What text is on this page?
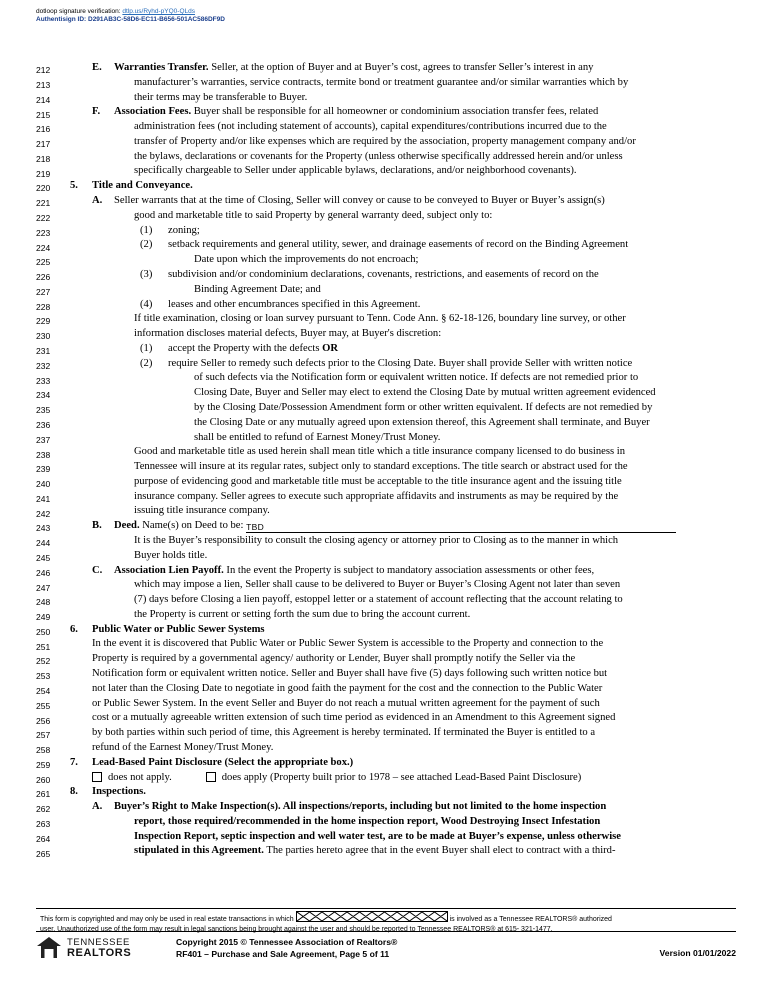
dotloop signature verification: dtlp.us/Ryhd-pYQ0-QLds
Authentisign ID: D291AB3C-58D6-EC11-B656-501AC586DF9D
212	E. Warranties Transfer. Seller, at the option of Buyer and at Buyer’s cost, agrees to transfer Seller’s interest in any
213	manufacturer’s warranties, service contracts, termite bond or treatment guarantee and/or similar warranties which by
214	their terms may be transferable to Buyer.
215	F. Association Fees. Buyer shall be responsible for all homeowner or condominium association transfer fees, related
216	administration fees (not including statement of accounts), capital expenditures/contributions incurred due to the
217	transfer of Property and/or like expenses which are required by the association, property management company and/or
218	the bylaws, declarations or covenants for the Property (unless otherwise specifically addressed herein and/or unless
219	specifically chargeable to Seller under applicable bylaws, declarations, and/or neighborhood covenants).
220	5. Title and Conveyance.
221	A. Seller warrants that at the time of Closing, Seller will convey or cause to be conveyed to Buyer or Buyer’s assign(s)
222	good and marketable title to said Property by general warranty deed, subject only to:
223	(1) zoning;
224	(2) setback requirements and general utility, sewer, and drainage easements of record on the Binding Agreement
225	Date upon which the improvements do not encroach;
226	(3) subdivision and/or condominium declarations, covenants, restrictions, and easements of record on the
227	Binding Agreement Date; and
228	(4) leases and other encumbrances specified in this Agreement.
229	If title examination, closing or loan survey pursuant to Tenn. Code Ann. § 62-18-126, boundary line survey, or other
230	information discloses material defects, Buyer may, at Buyer's discretion:
231	(1) accept the Property with the defects OR
232	(2) require Seller to remedy such defects prior to the Closing Date. Buyer shall provide Seller with written notice
233	of such defects via the Notification form or equivalent written notice. If defects are not remedied prior to
234	Closing Date, Buyer and Seller may elect to extend the Closing Date by mutual written agreement evidenced
235	by the Closing Date/Possession Amendment form or other written equivalent. If defects are not remedied by
236	the Closing Date or any mutually agreed upon extension thereof, this Agreement shall terminate, and Buyer
237	shall be entitled to refund of Earnest Money/Trust Money.
238	Good and marketable title as used herein shall mean title which a title insurance company licensed to do business in
239	Tennessee will insure at its regular rates, subject only to standard exceptions. The title search or abstract used for the
240	purpose of evidencing good and marketable title must be acceptable to the title insurance agent and the issuing title
241	insurance company. Seller agrees to execute such appropriate affidavits and instruments as may be required by the
242	issuing title insurance company.
243	B. Deed. Name(s) on Deed to be: TBD
244	It is the Buyer’s responsibility to consult the closing agency or attorney prior to Closing as to the manner in which
245	Buyer holds title.
246	C. Association Lien Payoff. In the event the Property is subject to mandatory association assessments or other fees,
247	which may impose a lien, Seller shall cause to be delivered to Buyer or Buyer’s Closing Agent not later than seven
248	(7) days before Closing a lien payoff, estoppel letter or a statement of account reflecting that the account relating to
249	the Property is current or setting forth the sum due to bring the account current.
250	6. Public Water or Public Sewer Systems
251	In the event it is discovered that Public Water or Public Sewer System is accessible to the Property and connection to the
252	Property is required by a governmental agency/ authority or Lender, Buyer shall promptly notify the Seller via the
253	Notification form or equivalent written notice. Seller and Buyer shall have five (5) days following such written notice but
254	not later than the Closing Date to negotiate in good faith the payment for the cost and the connection to the Public Water
255	or Public Sewer System. In the event Seller and Buyer do not reach a mutual written agreement for the payment of such
256	cost or a mutually agreeable written extension of such time period as evidenced in an Amendment to this Agreement signed
257	by both parties within such period of time, this Agreement is hereby terminated. If terminated the Buyer is entitled to a
258	refund of the Earnest Money/Trust Money.
259	7. Lead-Based Paint Disclosure (Select the appropriate box.)
260	does not apply.	does apply (Property built prior to 1978 – see attached Lead-Based Paint Disclosure)
261	8. Inspections.
262	A. Buyer’s Right to Make Inspection(s). All inspections/reports, including but not limited to the home inspection
263	report, those required/recommended in the home inspection report, Wood Destroying Insect Infestation
264	Inspection Report, septic inspection and well water test, are to be made at Buyer’s expense, unless otherwise
265	stipulated in this Agreement. The parties hereto agree that in the event Buyer shall elect to contract with a third-
This form is copyrighted and may only be used in real estate transactions in which	is involved as a Tennessee REALTORS® authorized
user. Unauthorized use of the form may result in legal sanctions being brought against the user and should be reported to Tennessee REALTORS® at 615- 321-1477.
TENNESSEE
REALTORS
Copyright 2015 © Tennessee Association of Realtors®
RF401 – Purchase and Sale Agreement, Page 5 of 11	Version 01/01/2022
